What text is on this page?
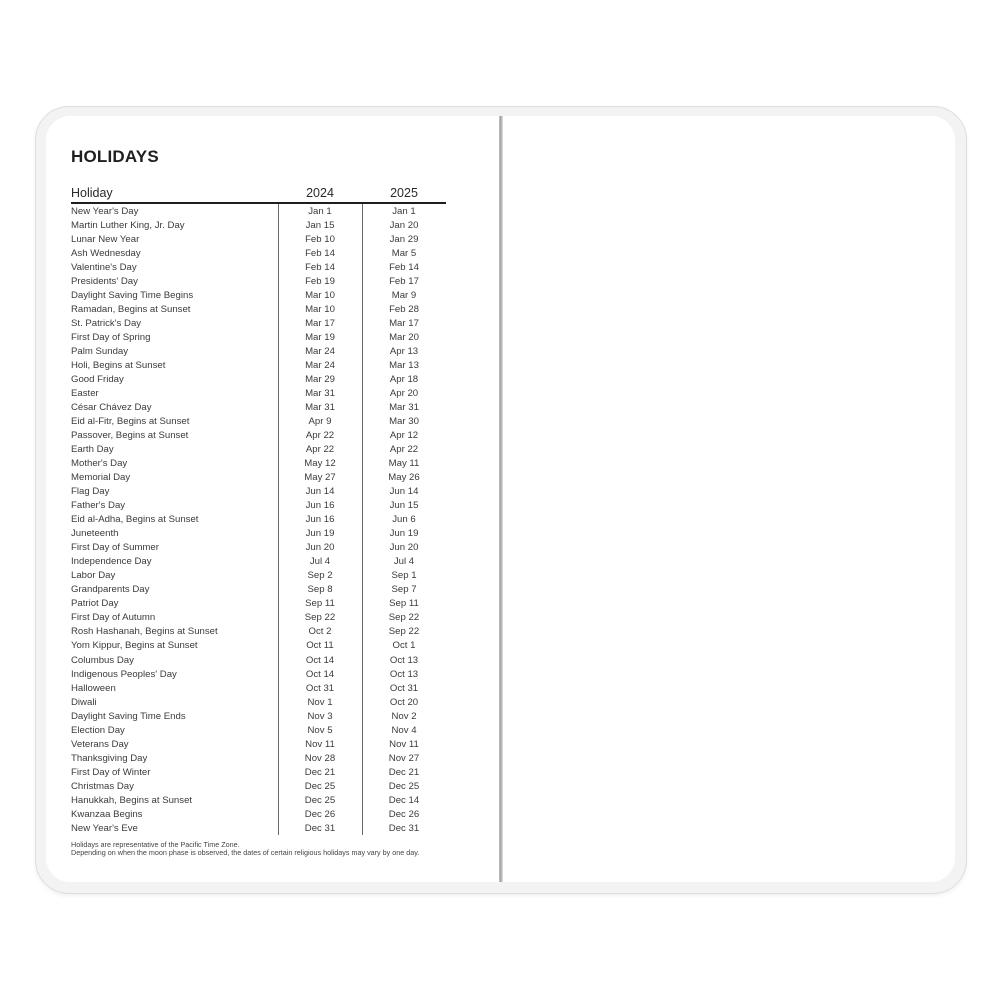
HOLIDAYS
Holiday	2024	2025
New Year's Day	Jan 1	Jan 1
Martin Luther King, Jr. Day	Jan 15	Jan 20
Lunar New Year	Feb 10	Jan 29
Ash Wednesday	Feb 14	Mar 5
Valentine's Day	Feb 14	Feb 14
Presidents' Day	Feb 19	Feb 17
Daylight Saving Time Begins	Mar 10	Mar 9
Ramadan, Begins at Sunset	Mar 10	Feb 28
St. Patrick's Day	Mar 17	Mar 17
First Day of Spring	Mar 19	Mar 20
Palm Sunday	Mar 24	Apr 13
Holi, Begins at Sunset	Mar 24	Mar 13
Good Friday	Mar 29	Apr 18
Easter	Mar 31	Apr 20
César Chávez Day	Mar 31	Mar 31
Eid al-Fitr, Begins at Sunset	Apr 9	Mar 30
Passover, Begins at Sunset	Apr 22	Apr 12
Earth Day	Apr 22	Apr 22
Mother's Day	May 12	May 11
Memorial Day	May 27	May 26
Flag Day	Jun 14	Jun 14
Father's Day	Jun 16	Jun 15
Eid al-Adha, Begins at Sunset	Jun 16	Jun 6
Juneteenth	Jun 19	Jun 19
First Day of Summer	Jun 20	Jun 20
Independence Day	Jul 4	Jul 4
Labor Day	Sep 2	Sep 1
Grandparents Day	Sep 8	Sep 7
Patriot Day	Sep 11	Sep 11
First Day of Autumn	Sep 22	Sep 22
Rosh Hashanah, Begins at Sunset	Oct 2	Sep 22
Yom Kippur, Begins at Sunset	Oct 11	Oct 1
Columbus Day	Oct 14	Oct 13
Indigenous Peoples' Day	Oct 14	Oct 13
Halloween	Oct 31	Oct 31
Diwali	Nov 1	Oct 20
Daylight Saving Time Ends	Nov 3	Nov 2
Election Day	Nov 5	Nov 4
Veterans Day	Nov 11	Nov 11
Thanksgiving Day	Nov 28	Nov 27
First Day of Winter	Dec 21	Dec 21
Christmas Day	Dec 25	Dec 25
Hanukkah, Begins at Sunset	Dec 25	Dec 14
Kwanzaa Begins	Dec 26	Dec 26
New Year's Eve	Dec 31	Dec 31
Holidays are representative of the Pacific Time Zone.
Depending on when the moon phase is observed, the dates of certain religious holidays may vary by one day.
